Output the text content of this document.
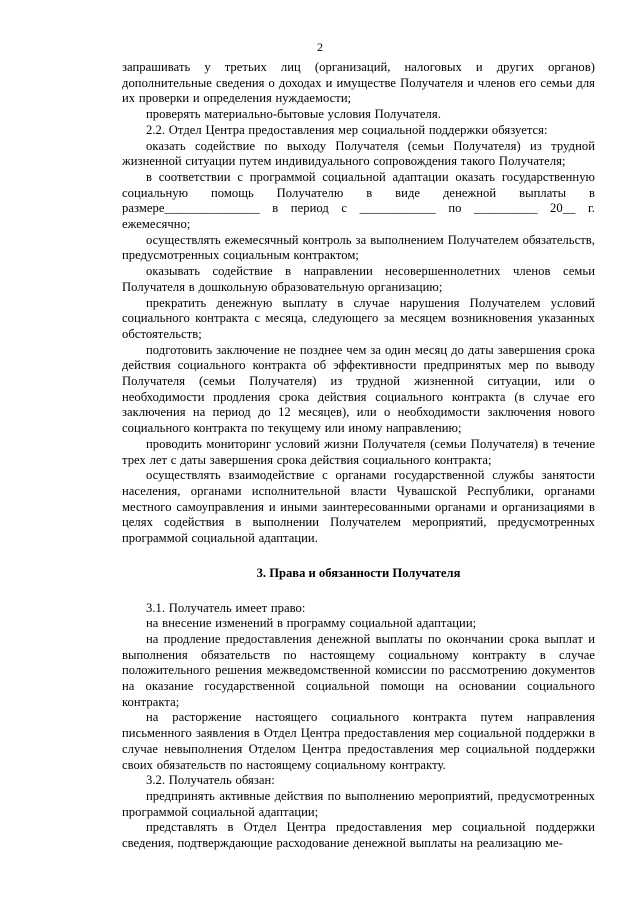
2

запрашивать у третьих лиц (организаций, налоговых и других органов) дополнительные сведения о доходах и имуществе Получателя и членов его семьи для их проверки и определения нуждаемости;

проверять материально-бытовые условия Получателя.

2.2. Отдел Центра предоставления мер социальной поддержки обязуется:

оказать содействие по выходу Получателя (семьи Получателя) из трудной жизненной ситуации путем индивидуального сопровождения такого Получателя;

в соответствии с программой социальной адаптации оказать государственную социальную помощь Получателю в виде денежной выплаты в размере_______________ в период с ____________ по __________ 20__ г. ежемесячно;

осуществлять ежемесячный контроль за выполнением Получателем обязательств, предусмотренных социальным контрактом;

оказывать содействие в направлении несовершеннолетних членов семьи Получателя в дошкольную образовательную организацию;

прекратить денежную выплату в случае нарушения Получателем условий социального контракта с месяца, следующего за месяцем возникновения указанных обстоятельств;

подготовить заключение не позднее чем за один месяц до даты завершения срока действия социального контракта об эффективности предпринятых мер по выводу Получателя (семьи Получателя) из трудной жизненной ситуации, или о необходимости продления срока действия социального контракта (в случае его заключения на период до 12 месяцев), или о необходимости заключения нового социального контракта по текущему или иному направлению;

проводить мониторинг условий жизни Получателя (семьи Получателя) в течение трех лет с даты завершения срока действия социального контракта;

осуществлять взаимодействие с органами государственной службы занятости населения, органами исполнительной власти Чувашской Республики, органами местного самоуправления и иными заинтересованными органами и организациями в целях содействия в выполнении Получателем мероприятий, предусмотренных программой социальной адаптации.

3. Права и обязанности Получателя

3.1. Получатель имеет право:

на внесение изменений в программу социальной адаптации;

на продление предоставления денежной выплаты по окончании срока выплат и выполнения обязательств по настоящему социальному контракту в случае положительного решения межведомственной комиссии по рассмотрению документов на оказание государственной социальной помощи на основании социального контракта;

на расторжение настоящего социального контракта путем направления письменного заявления в Отдел Центра предоставления мер социальной поддержки в случае невыполнения Отделом Центра предоставления мер социальной поддержки своих обязательств по настоящему социальному контракту.

3.2. Получатель обязан:

предпринять активные действия по выполнению мероприятий, предусмотренных программой социальной адаптации;

представлять в Отдел Центра предоставления мер социальной поддержки сведения, подтверждающие расходование денежной выплаты на реализацию ме-
